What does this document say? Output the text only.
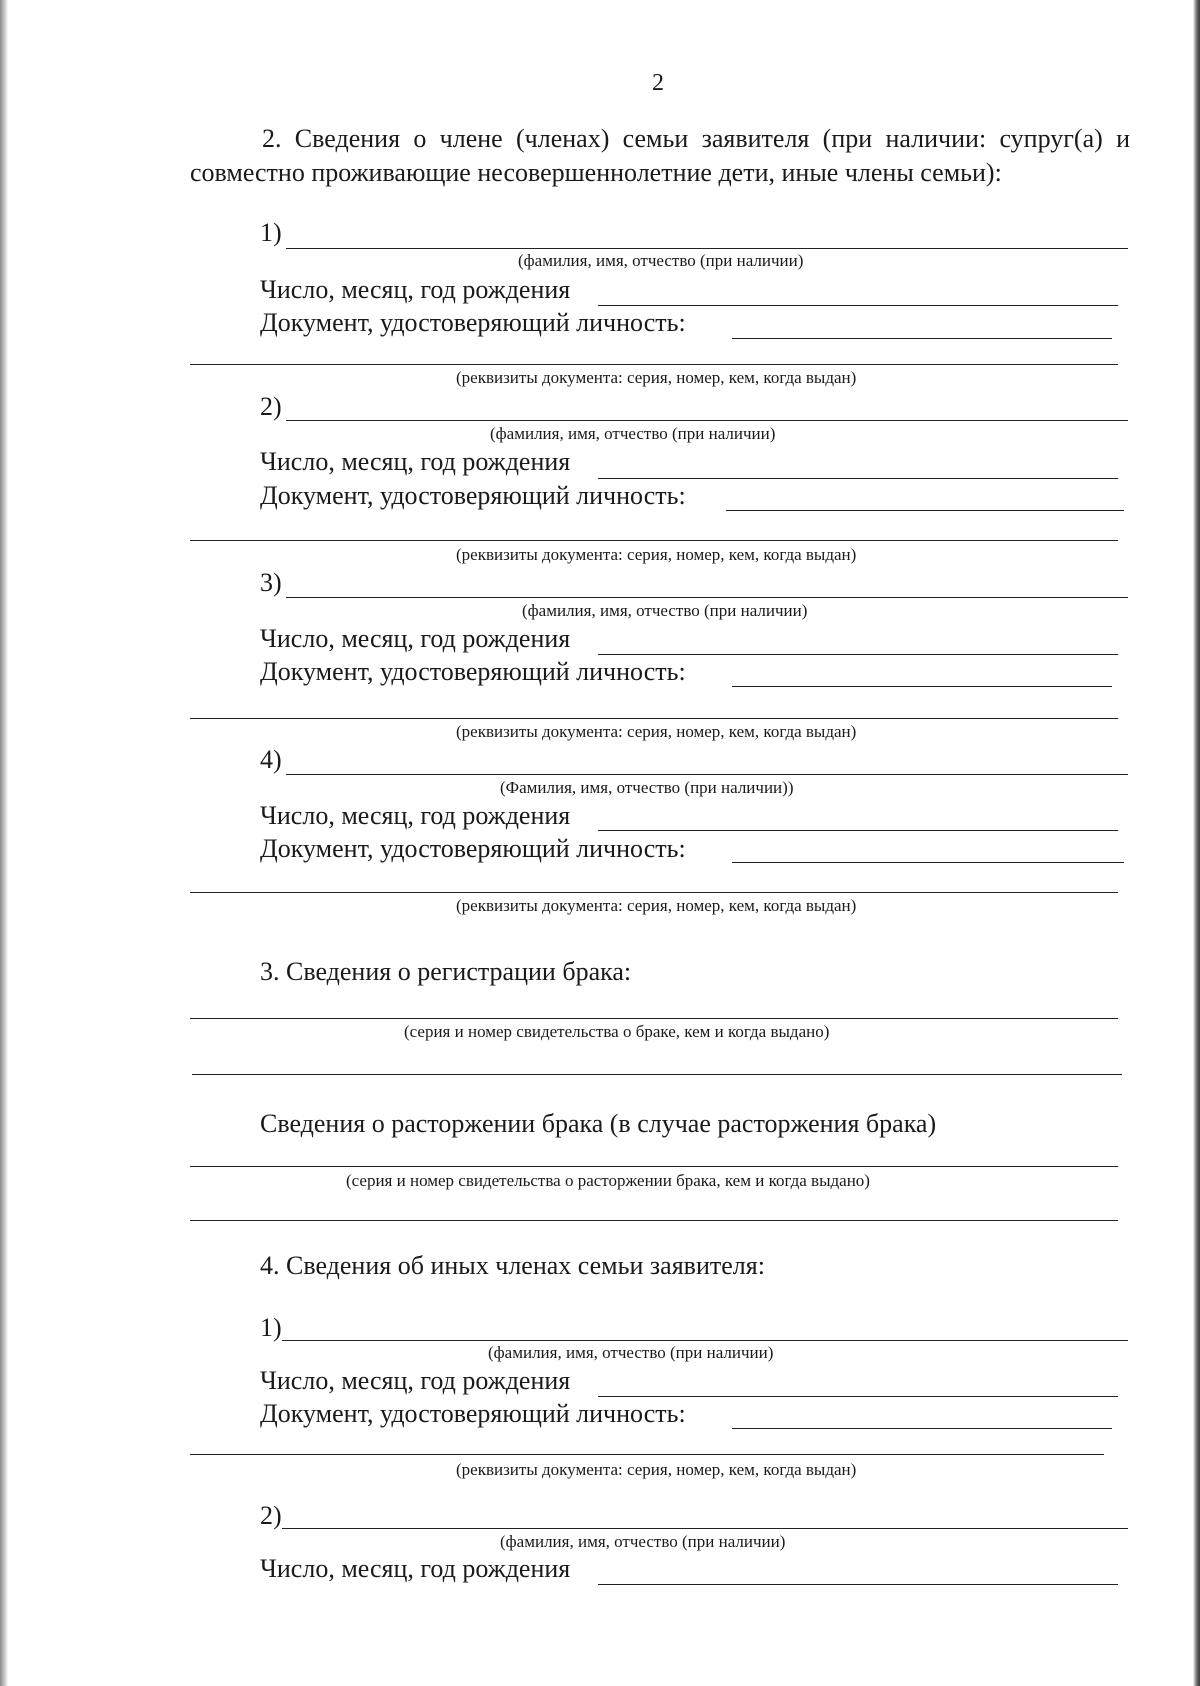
2
2. Сведения о члене (членах) семьи заявителя (при наличии: супруг(а) и совместно проживающие несовершеннолетние дети, иные члены семьи):
1)
(фамилия, имя, отчество (при наличии)
Число, месяц, год рождения
Документ, удостоверяющий личность:
(реквизиты документа: серия, номер, кем, когда выдан)
2)
(фамилия, имя, отчество (при наличии)
Число, месяц, год рождения
Документ, удостоверяющий личность:
(реквизиты документа: серия, номер, кем, когда выдан)
3)
(фамилия, имя, отчество (при наличии)
Число, месяц, год рождения
Документ, удостоверяющий личность:
(реквизиты документа: серия, номер, кем, когда выдан)
4)
(Фамилия, имя, отчество (при наличии))
Число, месяц, год рождения
Документ, удостоверяющий личность:
(реквизиты документа: серия, номер, кем, когда выдан)
3. Сведения о регистрации брака:
(серия и номер свидетельства о браке, кем и когда выдано)
Сведения о расторжении брака (в случае расторжения брака)
(серия и номер свидетельства о расторжении брака, кем и когда выдано)
4. Сведения об иных членах семьи заявителя:
1)
(фамилия, имя, отчество (при наличии)
Число, месяц, год рождения
Документ, удостоверяющий личность:
(реквизиты документа: серия, номер, кем, когда выдан)
2)
(фамилия, имя, отчество (при наличии)
Число, месяц, год рождения
